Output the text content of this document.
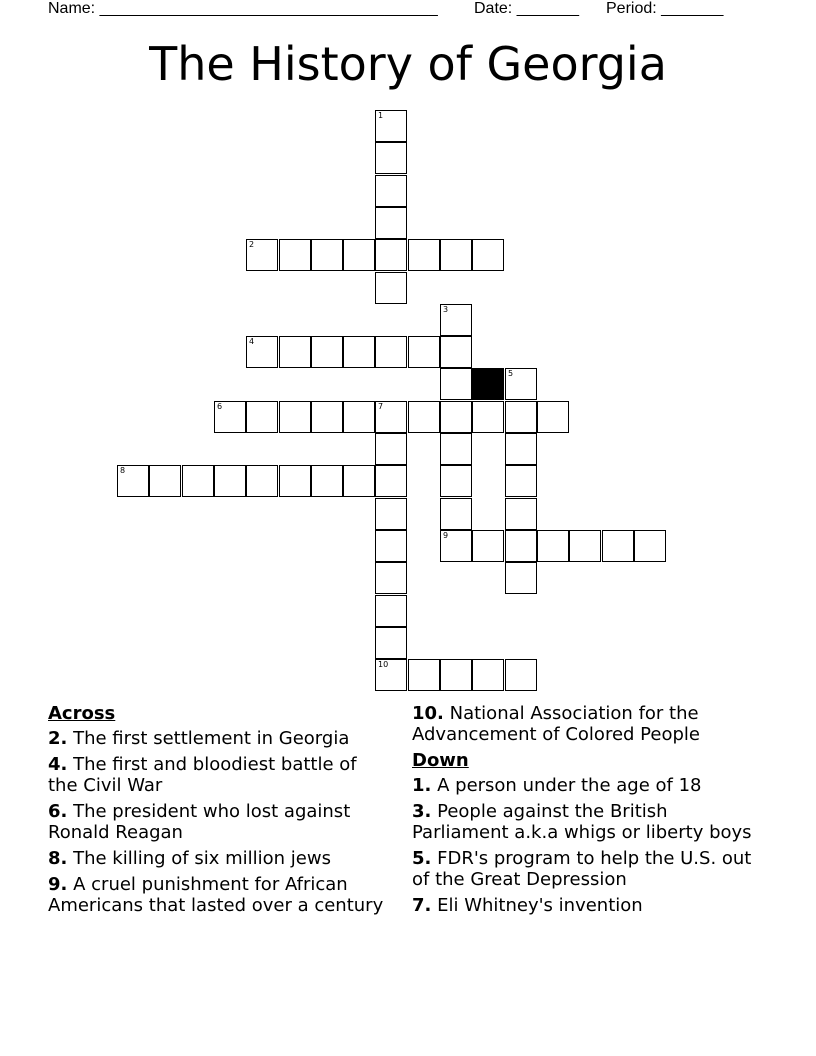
Name: ______________________________________ Date: _______ Period: _______
The History of Georgia
1
2
3
4
5
6	7
10
8
9
Across
2. The first settlement in Georgia
4. The first and bloodiest battle of the Civil War
6. The president who lost against Ronald Reagan
8. The killing of six million jews
9. A cruel punishment for African Americans that lasted over a century
10. National Association for the Advancement of Colored People
Down
1. A person under the age of 18
3. People against the British Parliament a.k.a whigs or liberty boys
5. FDR's program to help the U.S. out of the Great Depression
7. Eli Whitney's invention
